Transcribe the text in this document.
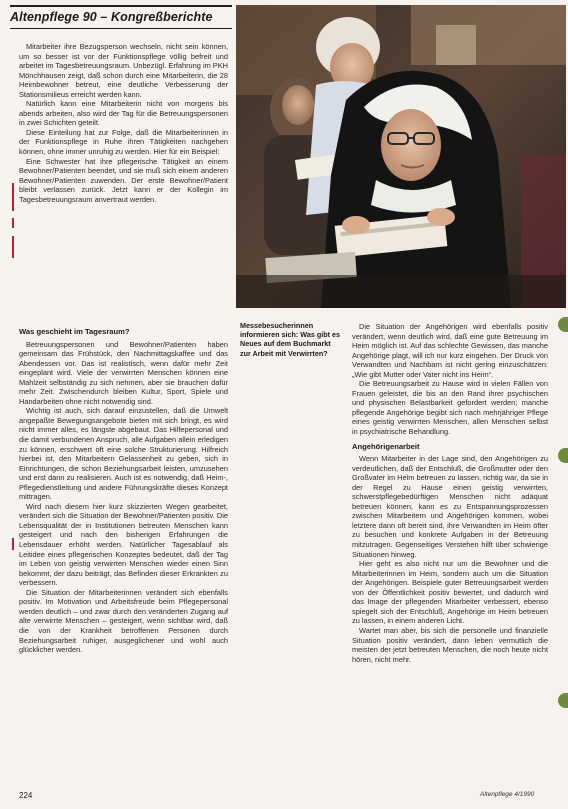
Altenpflege 90 – Kongreßberichte

Mitarbeiter ihre Bezugsperson wechseln, nicht sein können, um so besser ist vor der Funktionspflege völlig befreit und arbeitet im Tagesbetreuungsraum. Unbezügl. Erfahrung im PKH Mönchhausen zeigt, daß schon durch eine Mitarbeiterin, die 28 Heimbewohner betreut, eine deutliche Verbesserung der Stationsmilieus erreicht werden kann.

Natürlich kann eine Mitarbeiterin nicht von morgens bis abends arbeiten, also wird der Tag für die Betreuungspersonen in zwei Schichten geteilt.

Diese Einteilung hat zur Folge, daß die Mitarbeiterinnen in der Funktionspflege in Ruhe ihren Tätigkeiten nachgehen können, ohne immer unruhig zu werden. Hier für ein Beispiel:

Eine Schwester hat ihre pflegerische Tätigkeit an einem Bewohner/Patienten beendet, und sie muß sich einem anderen Bewohner/Patienten zuwenden. Der erste Bewohner/Patient bleibt verlassen zurück. Jetzt kann er der Kollegin im Tagesbetreuungsraum anvertraut werden.

Was geschieht im Tagesraum?

Betreuungspersonen und Bewohner/Patienten haben gemeinsam das Frühstück, den Nachmittagskaffee und das Abendessen vor. Das ist realistisch, wenn dafür mehr Zeit eingeplant wird. Viele der verwirrten Menschen können eine Mahlzeit selbständig zu sich nehmen, aber sie brauchen dafür mehr Zeit. Zwischendurch bleiben Kultur, Sport, Spiele und Handarbeiten ohne nicht notwendig sind.

Wichtig ist auch, sich darauf einzustellen, daß die Umwelt angepaßte Bewegungsangebote bieten mit sich bringt, es wird nicht immer alles, es längste abgebaut. Das Hilfepersonal und die damit verbundenen Anspruch, alle Aufgaben allein erledigen zu können, erschwert oft eine solche Strukturierung. Hilfreich hierbei ist, den Mitarbeitern Gelassenheit zu geben, sich in Einrichtungen, die schon Beziehungsarbeit leisten, umzusehen und erst dann zu realisieren. Auch ist es notwendig, daß Heim-, Pflegedienstleitung und andere Führungskräfte dieses Konzept mittragen.

Wird nach diesem hier kurz skizzierten Wegen gearbeitet, verändert sich die Situation der Bewohner/Patienten positiv. Die Lebensqualität der in Institutionen betreuten Menschen kann gesteigert und nach den bisherigen Erfahrungen die Lebensdauer erhöht werden. Natürlicher Tagesablauf als Leitidee eines pflegerischen Konzeptes bedeutet, daß der Tag im Leben von geistig verwirrten Menschen wieder einen Sinn bekommt, der dazu beiträgt, das Befinden dieser Erkrankten zu verbessern.

Die Situation der Mitarbeiterinnen verändert sich ebenfalls positiv. Im Motivation und Arbeitsfreude beim Pflegepersonal werden deutlich – und zwar durch den veränderten Zugang auf alte verwirrte Menschen – gesteigert, wenn sichtbar wird, daß die von der Krankheit betroffenen Personen durch Beziehungsarbeit ruhiger, ausgeglichener und wohl auch glücklicher werden.

Messebesucherinnen informieren sich: Was gibt es Neues auf dem Buchmarkt zur Arbeit mit Verwirrten?

Die Situation der Angehörigen wird ebenfalls positiv verändert, wenn deutlich wird, daß eine gute Betreuung im Heim möglich ist. Auf das schlechte Gewissen, das manche Angehörige plagt, will ich nur kurz eingehen. Der Druck von Verwandten und Nachbarn ist nicht gering einzuschätzen: „Wie gibt Mutter oder Vater nicht ins Heim“.

Die Betreuungsarbeit zu Hause wird in vielen Fällen von Frauen geleistet, die bis an den Rand ihrer psychischen und physischen Belastbarkeit gefordert werden; manche pflegende Angehörige begibt sich nach mehrjähriger Pflege eines geistig verwirrten Menschen, allen Menschen selbst in psychiatrische Behandlung.

Angehörigenarbeit

Wenn Mitarbeiter in der Lage sind, den Angehörigen zu verdeutlichen, daß der Entschluß, die Großmutter oder den Großvater im Heim betreuen zu lassen, richtig war, da sie in der Regel zu Hause einen geistig verwirrten, schwerstpflegebedürftigen Menschen nicht adäquat betreuen können, kann es zu Entspannungsprozessen zwischen Mitarbeitern und Angehörigen kommen, wobei letztere dann oft bereit sind, ihre Verwandten im Heim öfter zu besuchen und konkrete Aufgaben in der Betreuung mitzutragen. Gegenseitiges Verstehen hilft über schwierige Situationen hinweg.

Hier geht es also nicht nur um die Bewohner und die Mitarbeiterinnen im Heim, sondern auch um die Situation der Angehörigen. Beispiele guter Betreuungsarbeit werden von der Öffentlichkeit positiv bewertet, und dadurch wird das Image der pflegenden Mitarbeiter verbessert, ebenso spiegelt sich der Entschluß, Angehörige im Heim betreuen zu lassen, in einem anderen Licht.

Wartet man aber, bis sich die personelle und finanzielle Situation positiv verändert, dann leben vermutlich die meisten der jetzt betreuten Menschen, die noch heute nicht hören, nicht mehr.

224	Altenpflege 4/1990
